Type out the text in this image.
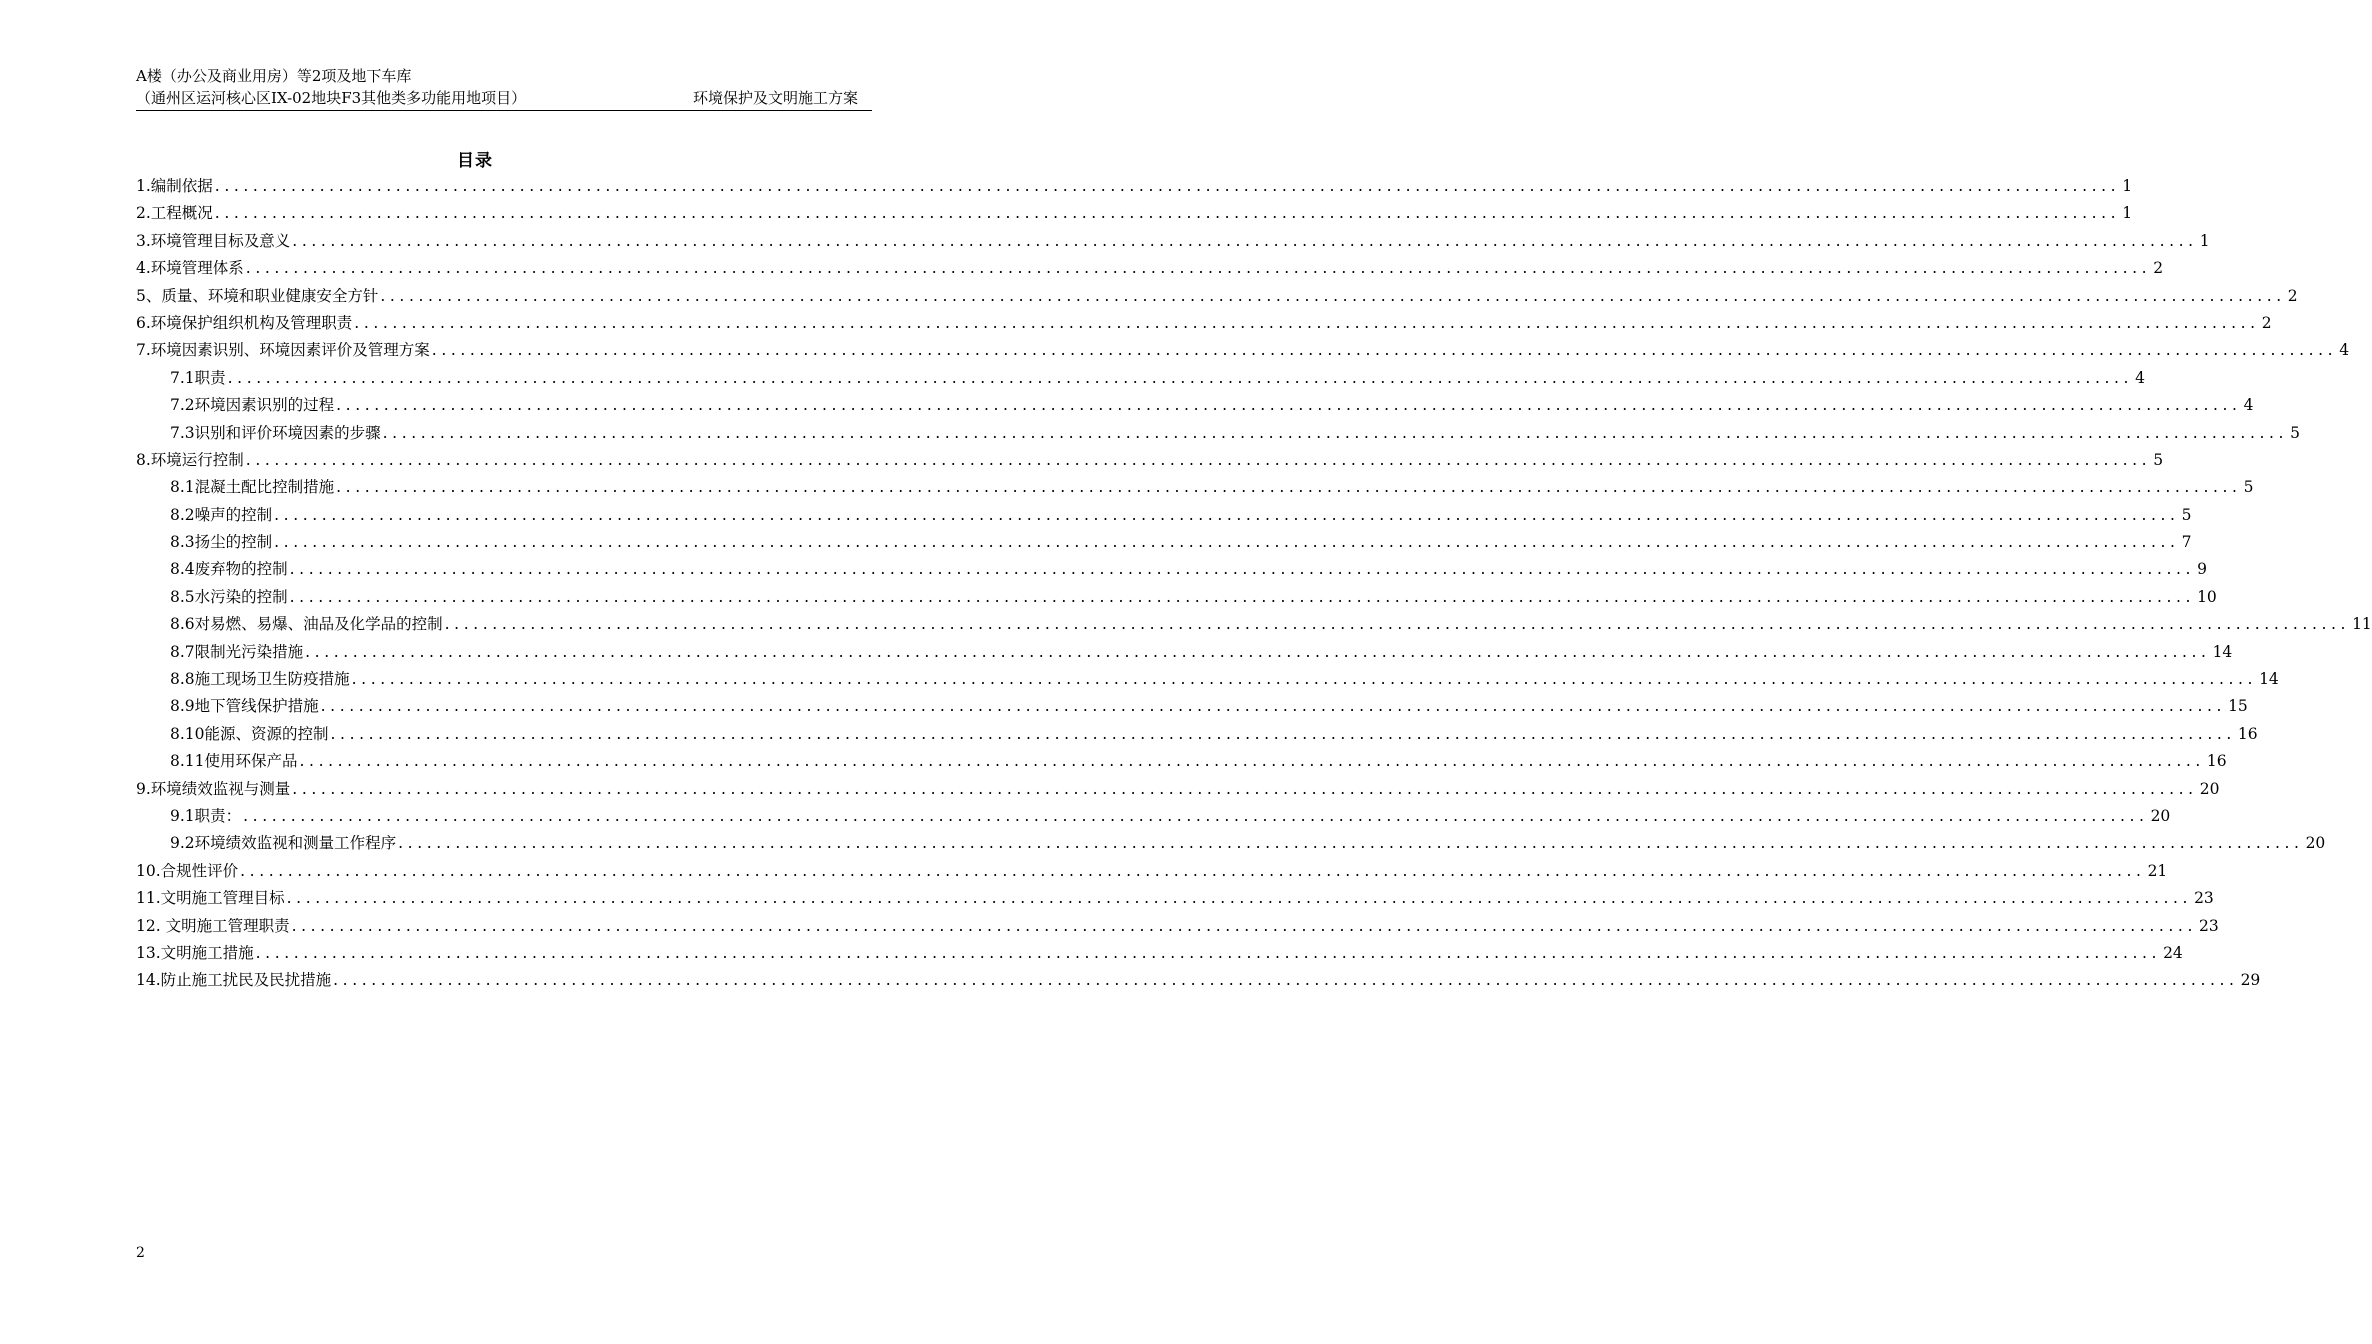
A楼（办公及商业用房）等2项及地下车库
（通州区运河核心区IX-02地块F3其他类多功能用地项目）	环境保护及文明施工方案
目录
1.编制依据 ........................................................................................................................................................................................................ 1
2.工程概况 ........................................................................................................................................................................................................ 1
3.环境管理目标及意义 ........................................................................................................................................................................................................ 1
4.环境管理体系 ........................................................................................................................................................................................................ 2
5、质量、环境和职业健康安全方针 ........................................................................................................................................................................................................ 2
6.环境保护组织机构及管理职责 ........................................................................................................................................................................................................ 2
7.环境因素识别、环境因素评价及管理方案 ........................................................................................................................................................................................................ 4
7.1职责 ........................................................................................................................................................................................................ 4
7.2环境因素识别的过程 ........................................................................................................................................................................................................ 4
7.3识别和评价环境因素的步骤 ........................................................................................................................................................................................................ 5
8.环境运行控制 ........................................................................................................................................................................................................ 5
8.1混凝土配比控制措施 ........................................................................................................................................................................................................ 5
8.2噪声的控制 ........................................................................................................................................................................................................ 5
8.3扬尘的控制 ........................................................................................................................................................................................................ 7
8.4废弃物的控制 ........................................................................................................................................................................................................ 9
8.5水污染的控制 ........................................................................................................................................................................................................ 10
8.6对易燃、易爆、油品及化学品的控制 ........................................................................................................................................................................................................ 11
8.7限制光污染措施 ........................................................................................................................................................................................................ 14
8.8施工现场卫生防疫措施 ........................................................................................................................................................................................................ 14
8.9地下管线保护措施 ........................................................................................................................................................................................................ 15
8.10能源、资源的控制 ........................................................................................................................................................................................................ 16
8.11使用环保产品 ........................................................................................................................................................................................................ 16
9.环境绩效监视与测量 ........................................................................................................................................................................................................ 20
9.1职责： ........................................................................................................................................................................................................ 20
9.2环境绩效监视和测量工作程序 ........................................................................................................................................................................................................ 20
10.合规性评价 ........................................................................................................................................................................................................ 21
11.文明施工管理目标 ........................................................................................................................................................................................................ 23
12. 文明施工管理职责 ........................................................................................................................................................................................................ 23
13.文明施工措施 ........................................................................................................................................................................................................ 24
14.防止施工扰民及民扰措施 ........................................................................................................................................................................................................ 29
2
